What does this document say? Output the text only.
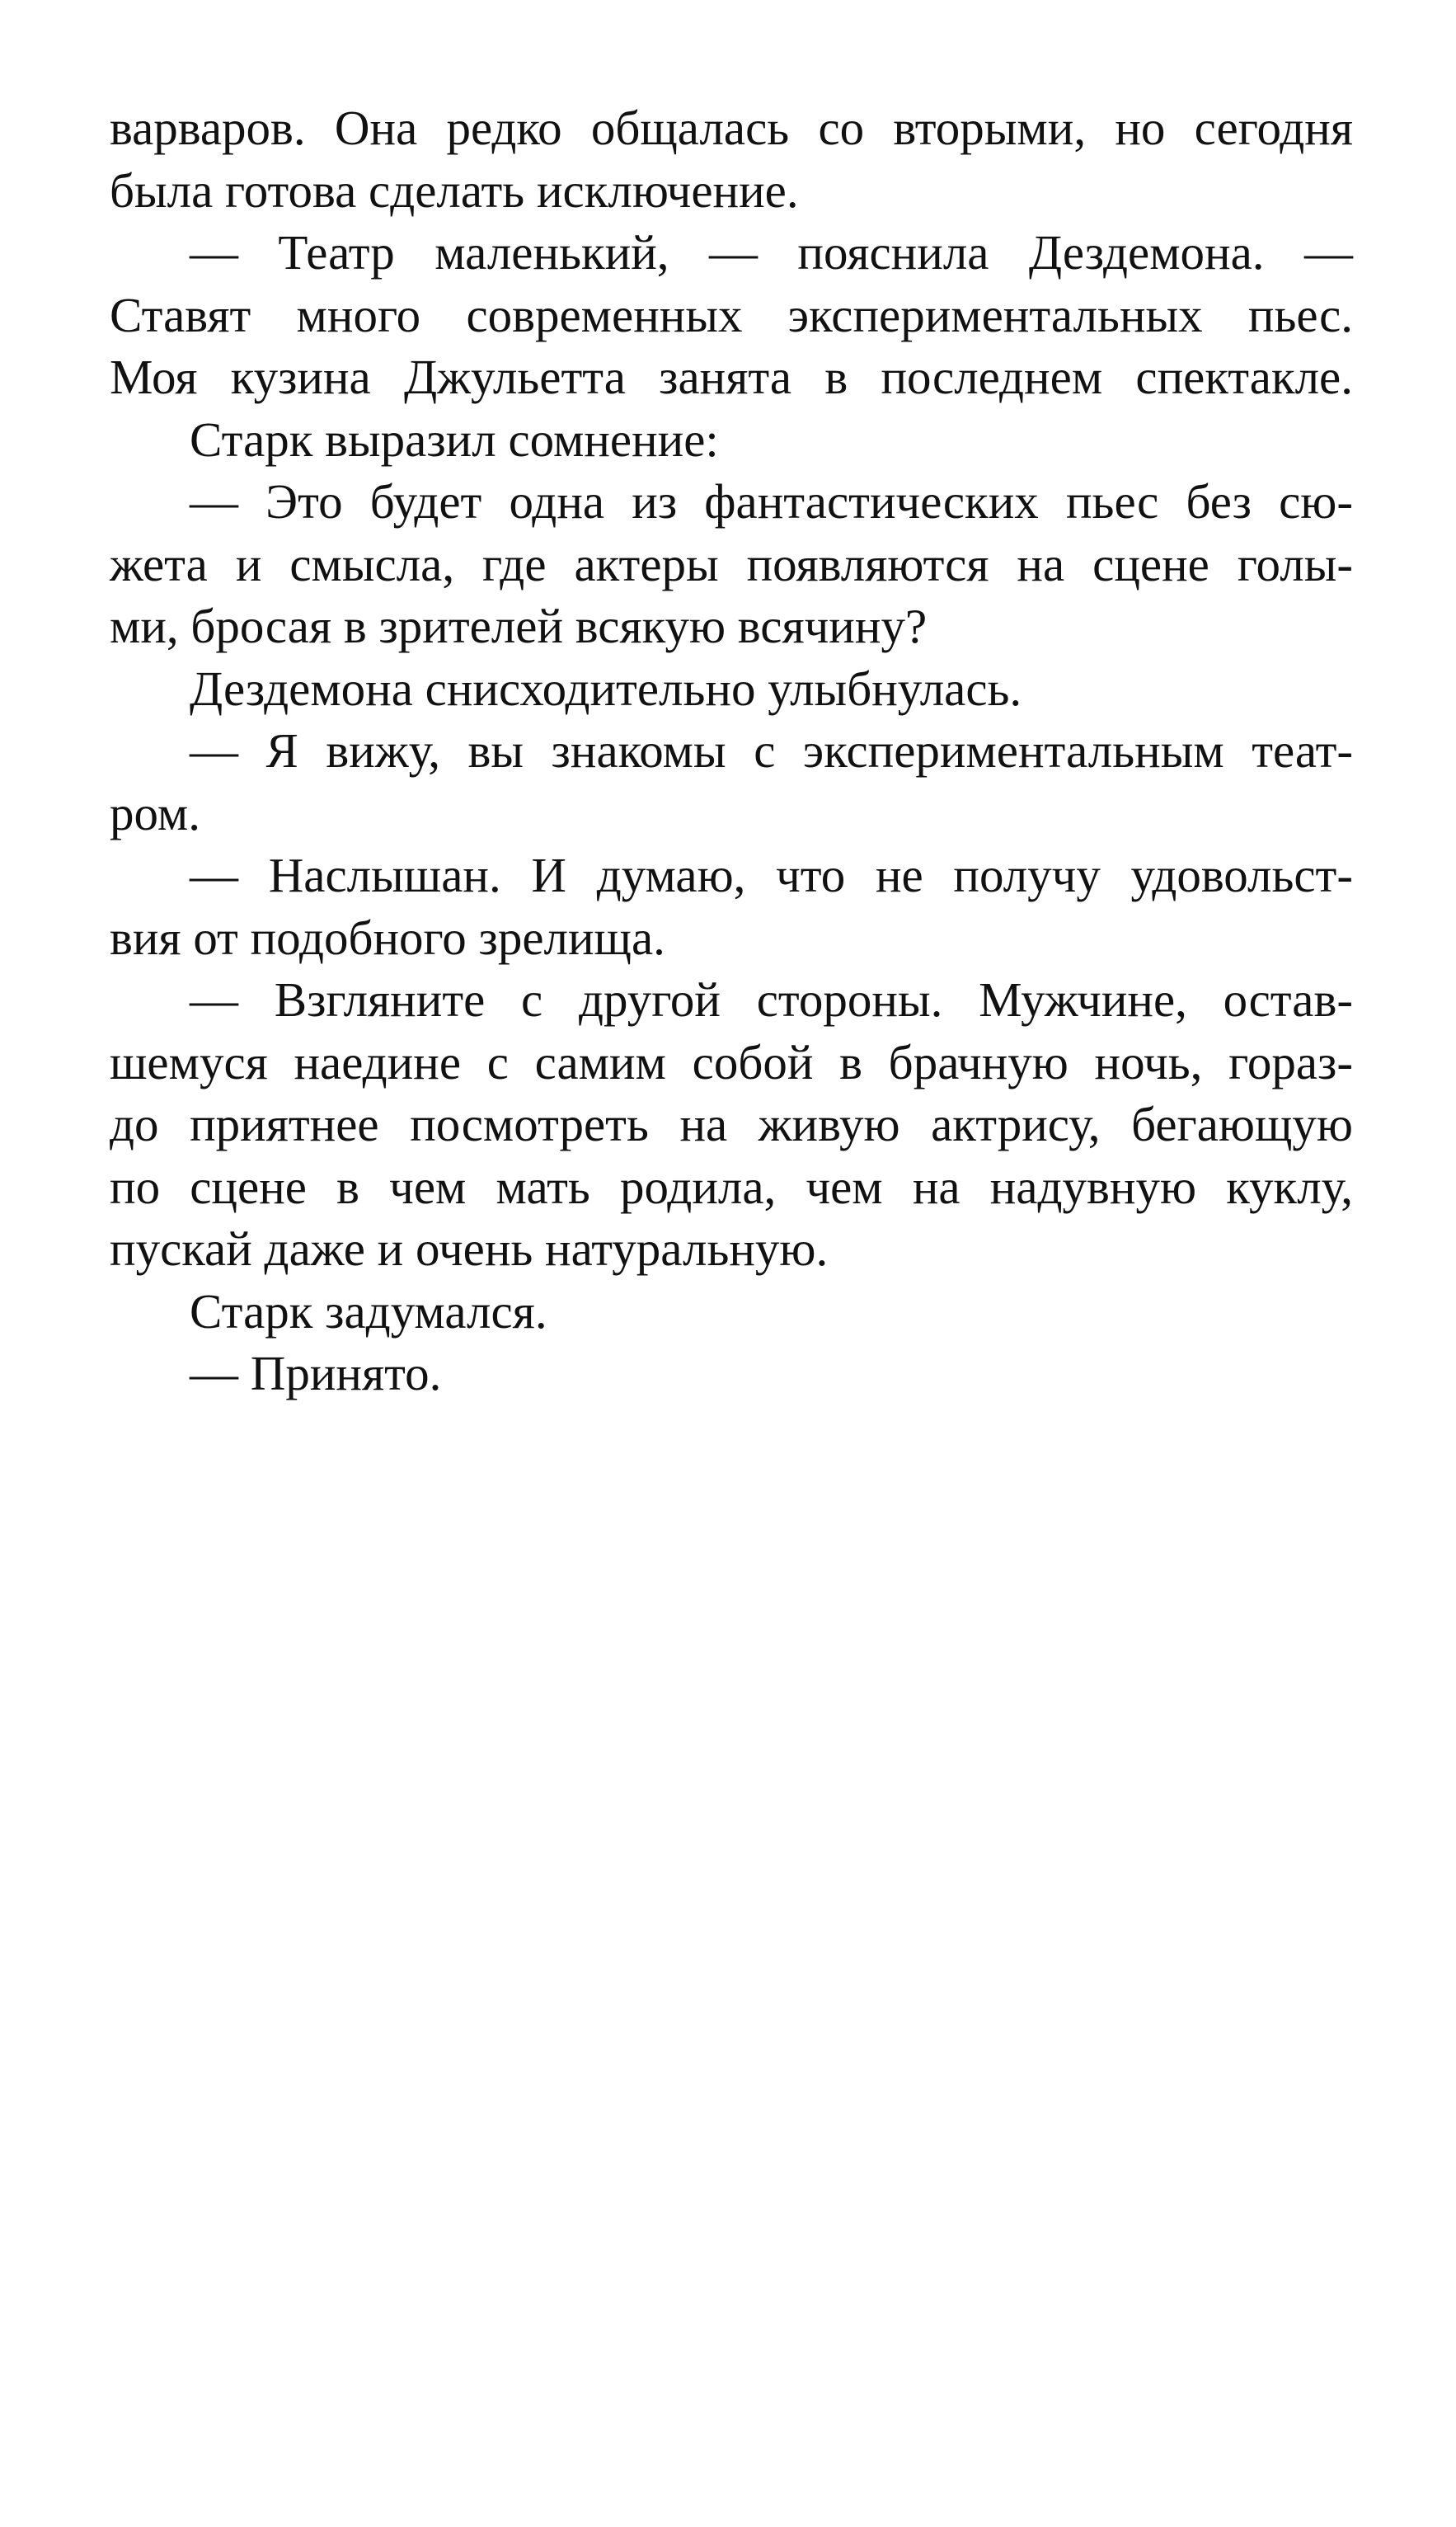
варваров. Она редко общалась со вторыми, но сегодня
была готова сделать исключение.
— Театр маленький, — пояснила Дездемона. —
Ставят много современных экспериментальных пьес.
Моя кузина Джульетта занята в последнем спектакле.
Старк выразил сомнение:
— Это будет одна из фантастических пьес без сю-
жета и смысла, где актеры появляются на сцене голы-
ми, бросая в зрителей всякую всячину?
Дездемона снисходительно улыбнулась.
— Я вижу, вы знакомы с экспериментальным теат-
ром.
— Наслышан. И думаю, что не получу удовольст-
вия от подобного зрелища.
— Взгляните с другой стороны. Мужчине, остав-
шемуся наедине с самим собой в брачную ночь, гораз-
до приятнее посмотреть на живую актрису, бегающую
по сцене в чем мать родила, чем на надувную куклу,
пускай даже и очень натуральную.
Старк задумался.
— Принято.
